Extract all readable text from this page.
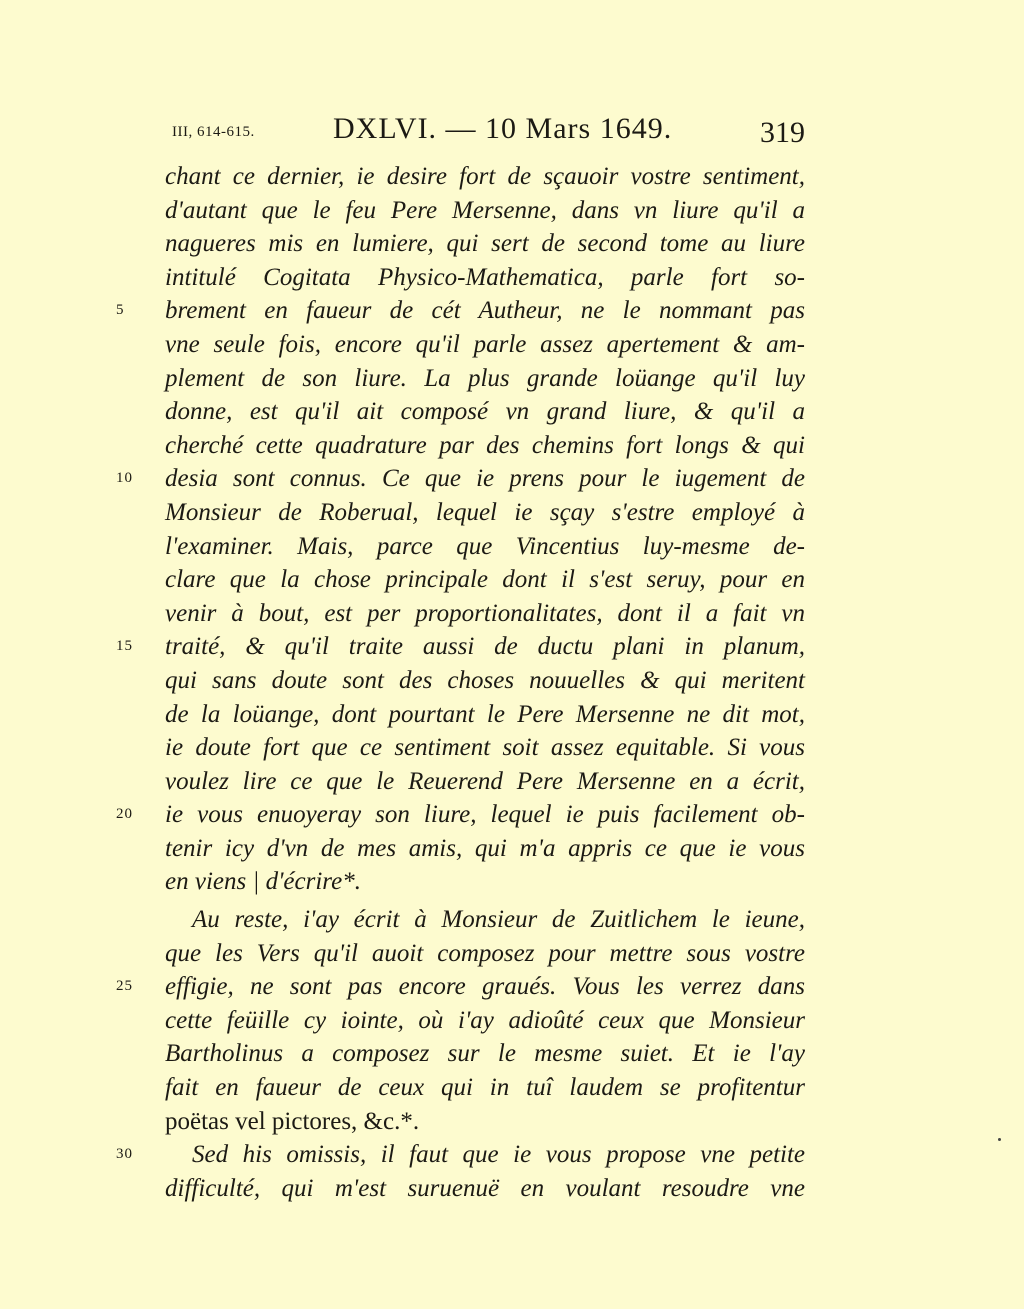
III, 614-615.	DXLVI. — 10 Mars 1649.	319
chant ce dernier, ie desire fort de sçauoir vostre sentiment,
d'autant que le feu Pere Mersenne, dans vn liure qu'il a
nagueres mis en lumiere, qui sert de second tome au liure
intitulé Cogitata Physico-Mathematica, parle fort so-
5	brement en faueur de cét Autheur, ne le nommant pas
vne seule fois, encore qu'il parle assez apertement & am-
plement de son liure. La plus grande loüange qu'il luy
donne, est qu'il ait composé vn grand liure, & qu'il a
cherché cette quadrature par des chemins fort longs & qui
10	desia sont connus. Ce que ie prens pour le iugement de
Monsieur de Roberual, lequel ie sçay s'estre employé à
l'examiner. Mais, parce que Vincentius luy-mesme de-
clare que la chose principale dont il s'est seruy, pour en
venir à bout, est per proportionalitates, dont il a fait vn
15	traité, & qu'il traite aussi de ductu plani in planum,
qui sans doute sont des choses nouuelles & qui meritent
de la loüange, dont pourtant le Pere Mersenne ne dit mot,
ie doute fort que ce sentiment soit assez equitable. Si vous
voulez lire ce que le Reuerend Pere Mersenne en a écrit,
20	ie vous enuoyeray son liure, lequel ie puis facilement ob-
tenir icy d'vn de mes amis, qui m'a appris ce que ie vous
en viens | d'écrire*.
Au reste, i'ay écrit à Monsieur de Zuitlichem le ieune,
que les Vers qu'il auoit composez pour mettre sous vostre
25	effigie, ne sont pas encore graués. Vous les verrez dans
cette feüille cy iointe, où i'ay adioûté ceux que Monsieur
Bartholinus a composez sur le mesme suiet. Et ie l'ay
fait en faueur de ceux qui in tuî laudem se profitentur
poëtas vel pictores, &c.*.
30	Sed his omissis, il faut que ie vous propose vne petite
difficulté, qui m'est suruenuë en voulant resoudre vne
